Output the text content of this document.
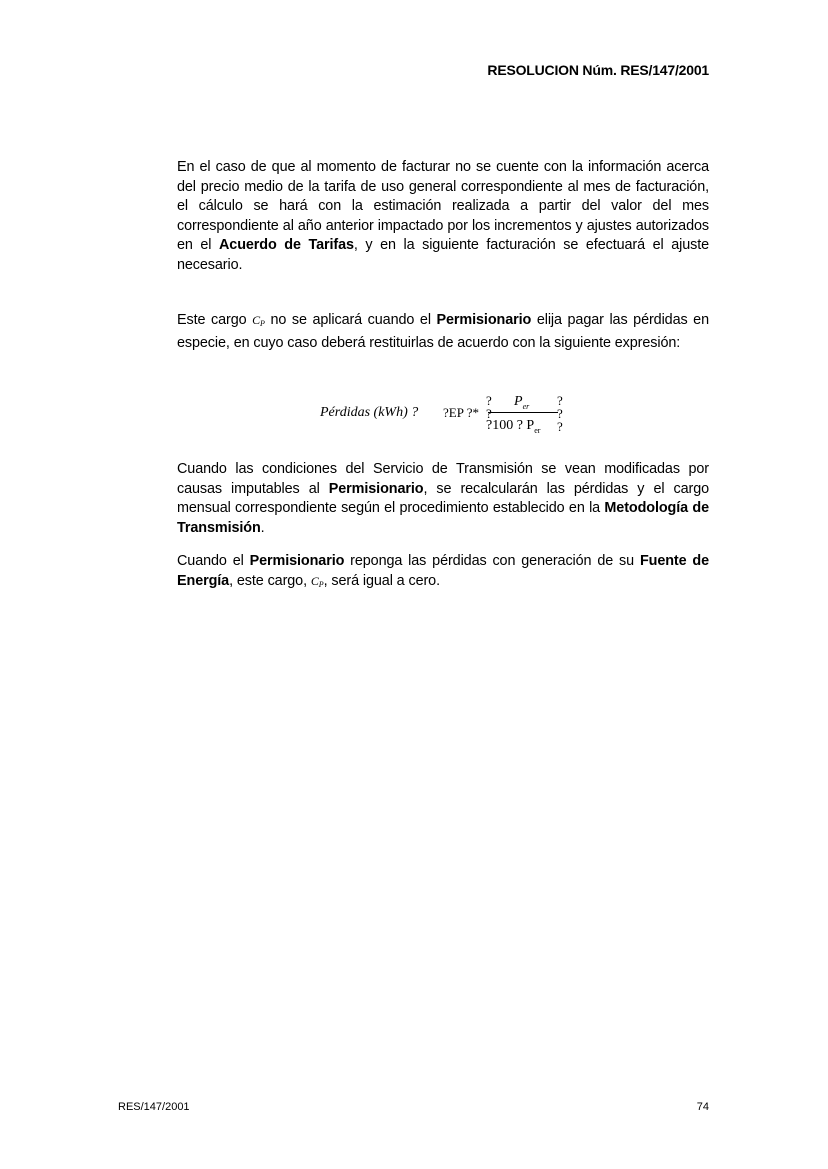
RESOLUCION Núm. RES/147/2001

En el caso de que al momento de facturar no se cuente con la información acerca del precio medio de la tarifa de uso general correspondiente al mes de facturación, el cálculo se hará con la estimación realizada a partir del valor del mes correspondiente al año anterior impactado por los incrementos y ajustes autorizados en el Acuerdo de Tarifas, y en la siguiente facturación se efectuará el ajuste necesario.

Este cargo $C_P$ no se aplicará cuando el Permisionario elija pagar las pérdidas en especie, en cuyo caso deberá restituirlas de acuerdo con la siguiente expresión:

Pérdidas (kWh) ? ?EP ?*
? $P_{er}$ ?
?
?
?100 ? $P_{er}$ ?

Cuando las condiciones del Servicio de Transmisión se vean modificadas por causas imputables al Permisionario, se recalcularán las pérdidas y el cargo mensual correspondiente según el procedimiento establecido en la Metodología de Transmisión.

Cuando el Permisionario reponga las pérdidas con generación de su Fuente de Energía, este cargo, $C_P$, será igual a cero.

RES/147/2001	74
